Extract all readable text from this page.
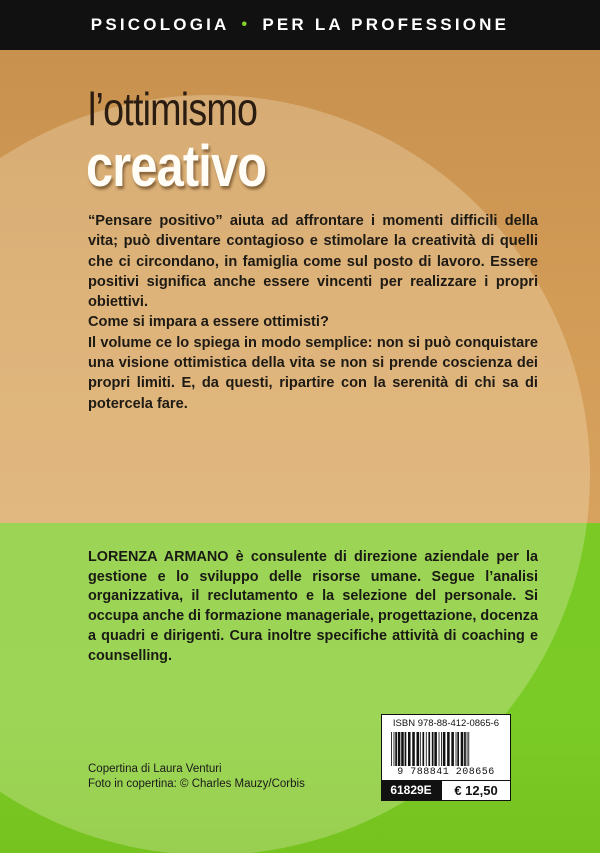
PSICOLOGIA • PER LA PROFESSIONE
l’ottimismo
creativo

“Pensare positivo” aiuta ad affrontare i momenti difficili della vita; può diventare contagioso e stimolare la creatività di quelli che ci circondano, in famiglia come sul posto di lavoro. Essere positivi significa anche essere vincenti per realizzare i propri obiettivi.

Come si impara a essere ottimisti?

Il volume ce lo spiega in modo semplice: non si può conquistare una visione ottimistica della vita se non si prende coscienza dei propri limiti. E, da questi, ripartire con la serenità di chi sa di potercela fare.

LORENZA ARMANO è consulente di direzione aziendale per la gestione e lo sviluppo delle risorse umane. Segue l’analisi organizzativa, il reclutamento e la selezione del personale. Si occupa anche di formazione manageriale, progettazione, docenza a quadri e dirigenti. Cura inoltre specifiche attività di coaching e counselling.

Copertina di Laura Venturi
Foto in copertina: © Charles Mauzy/Corbis
ISBN 978-88-412-0865-6
9 788841 208656
61829E	€ 12,50
